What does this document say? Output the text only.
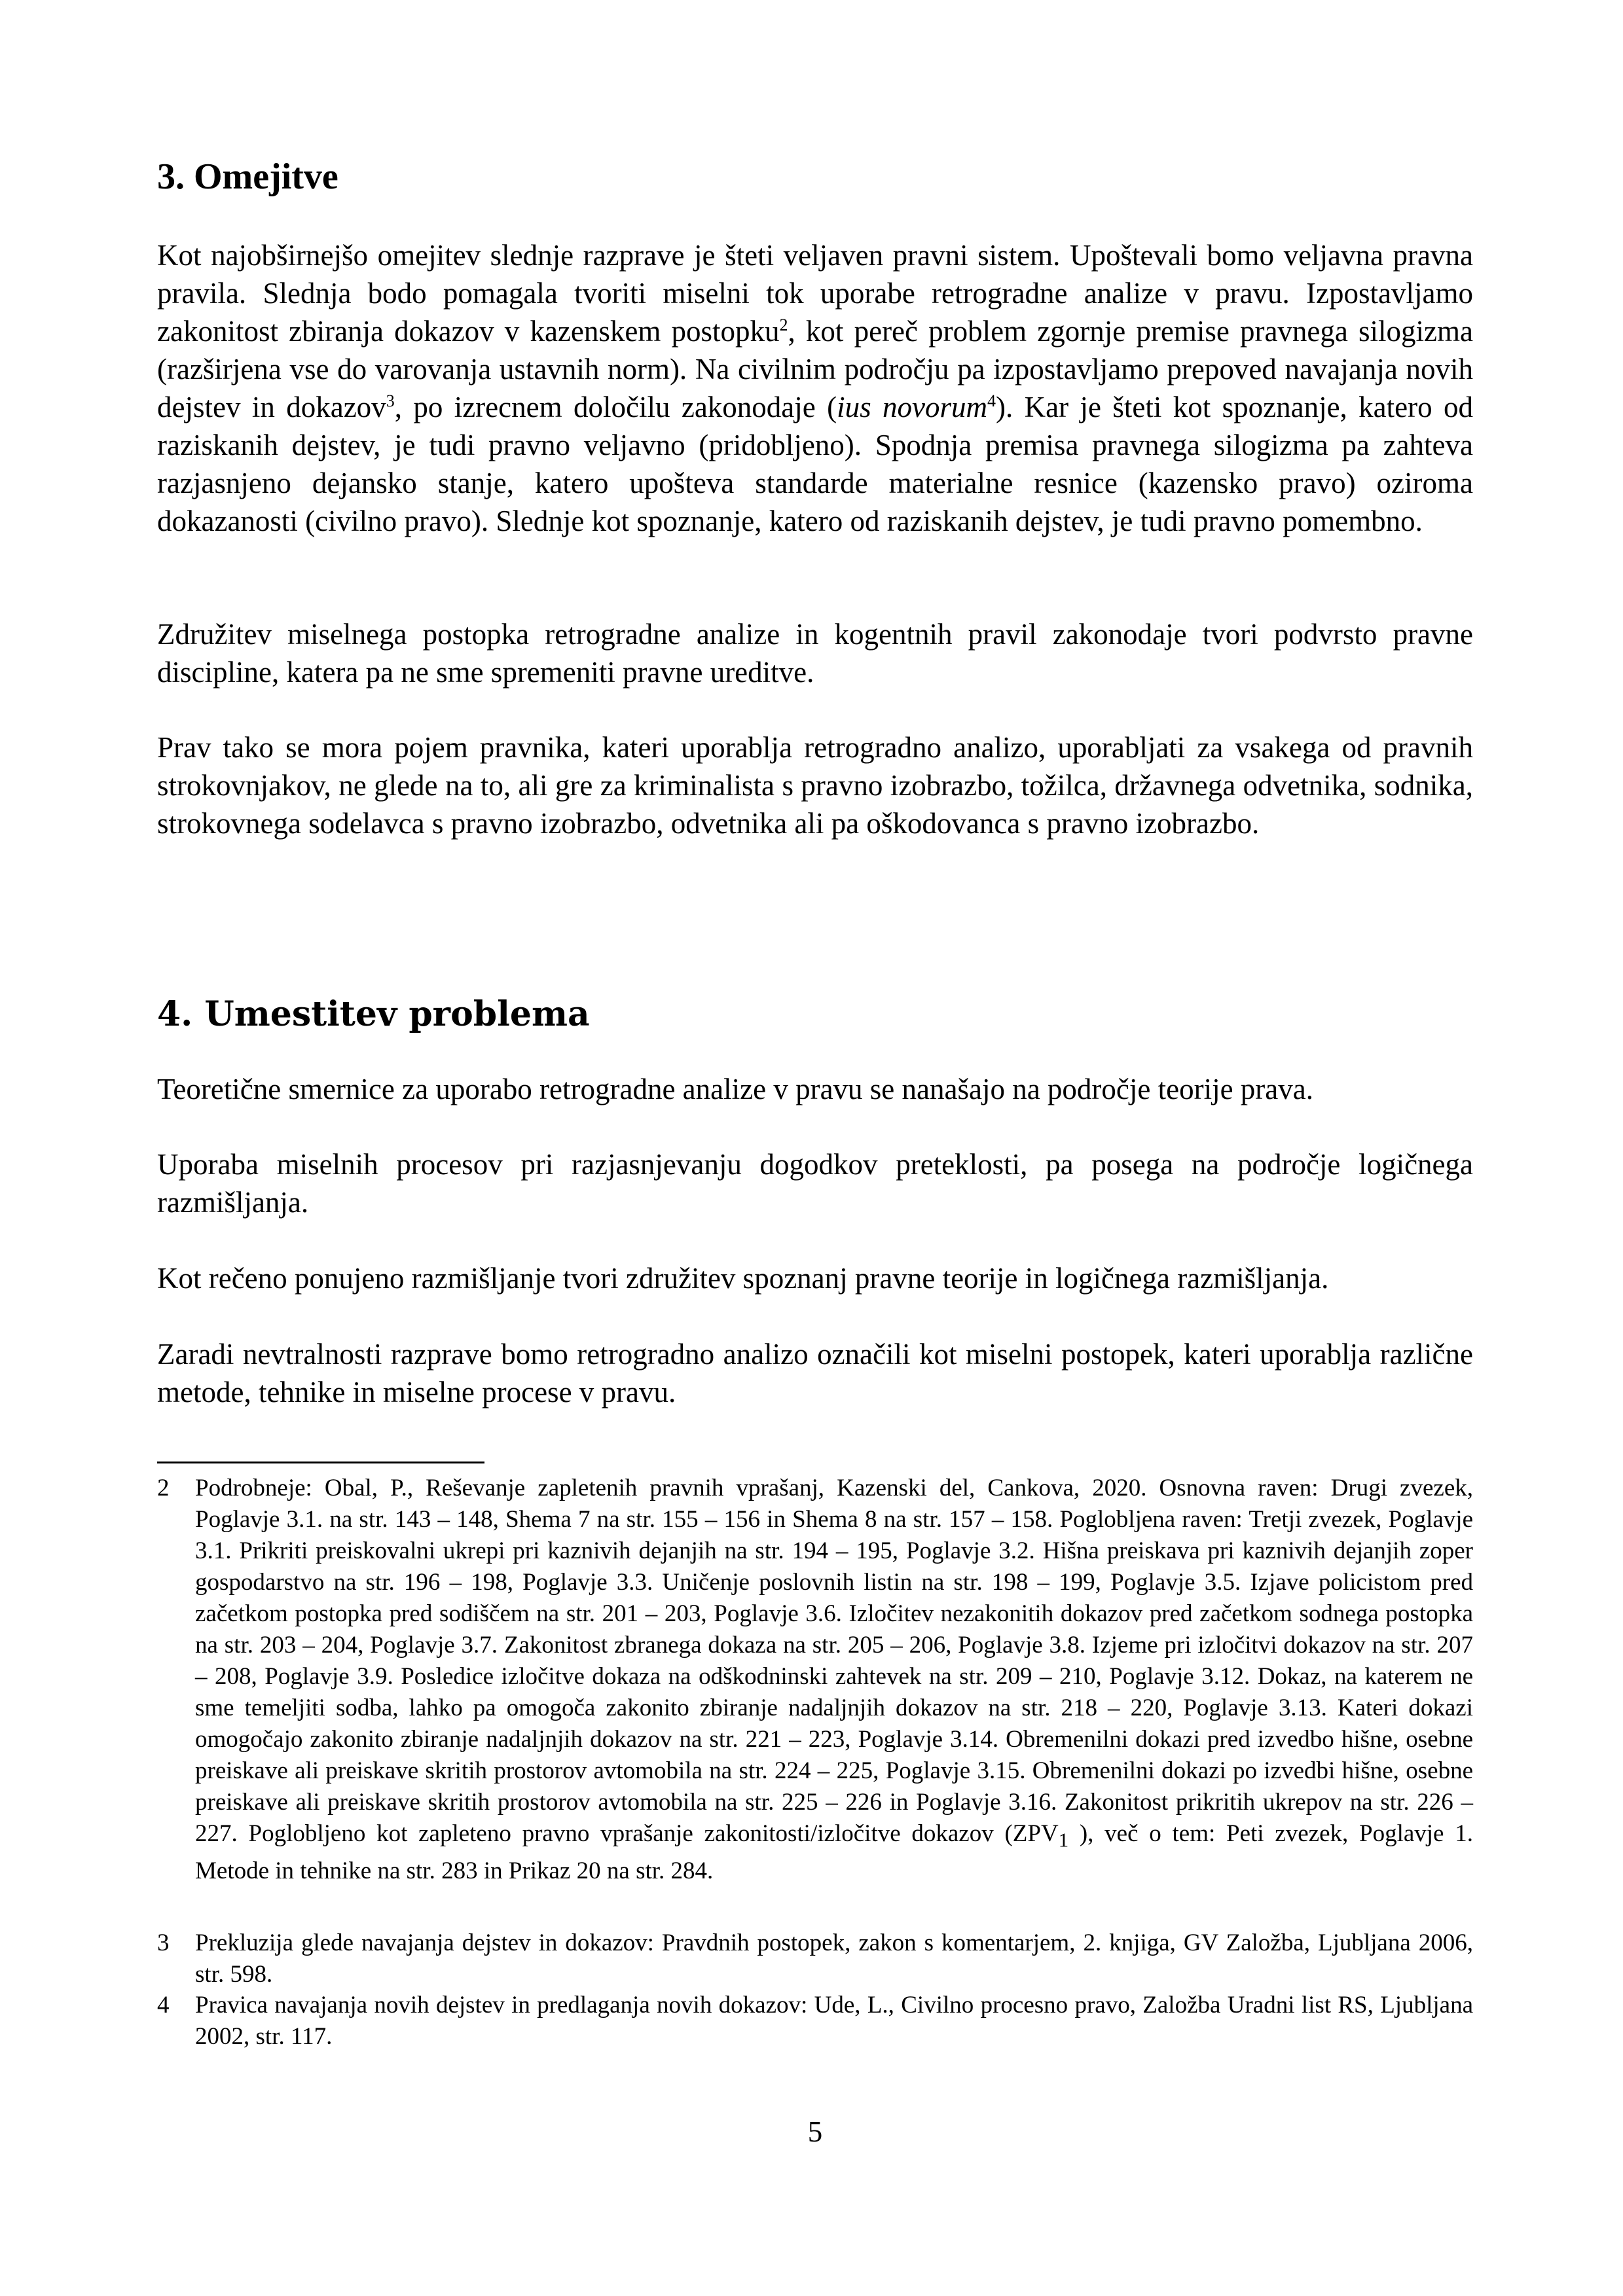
3. Omejitve

Kot najobširnejšo omejitev slednje razprave je šteti veljaven pravni sistem. Upoštevali bomo veljavna pravna pravila. Slednja bodo pomagala tvoriti miselni tok uporabe retrogradne analize v pravu. Izpostavljamo zakonitost zbiranja dokazov v kazenskem postopku$^2$, kot pereč problem zgornje premise pravnega silogizma (razširjena vse do varovanja ustavnih norm). Na civilnim področju pa izpostavljamo prepoved navajanja novih dejstev in dokazov$^3$, po izrecnem določilu zakonodaje (ius novorum$^4$). Kar je šteti kot spoznanje, katero od raziskanih dejstev, je tudi pravno veljavno (pridobljeno). Spodnja premisa pravnega silogizma pa zahteva razjasnjeno dejansko stanje, katero upošteva standarde materialne resnice (kazensko pravo) oziroma dokazanosti (civilno pravo). Slednje kot spoznanje, katero od raziskanih dejstev, je tudi pravno pomembno.

Združitev miselnega postopka retrogradne analize in kogentnih pravil zakonodaje tvori podvrsto pravne discipline, katera pa ne sme spremeniti pravne ureditve.

Prav tako se mora pojem pravnika, kateri uporablja retrogradno analizo, uporabljati za vsakega od pravnih strokovnjakov, ne glede na to, ali gre za kriminalista s pravno izobrazbo, tožilca, državnega odvetnika, sodnika, strokovnega sodelavca s pravno izobrazbo, odvetnika ali pa oškodovanca s pravno izobrazbo.

4. Umestitev problema

Teoretične smernice za uporabo retrogradne analize v pravu se nanašajo na področje teorije prava.

Uporaba miselnih procesov pri razjasnjevanju dogodkov preteklosti, pa posega na področje logičnega razmišljanja.

Kot rečeno ponujeno razmišljanje tvori združitev spoznanj pravne teorije in logičnega razmišljanja.

Zaradi nevtralnosti razprave bomo retrogradno analizo označili kot miselni postopek, kateri uporablja različne metode, tehnike in miselne procese v pravu.

2	Podrobneje: Obal, P., Reševanje zapletenih pravnih vprašanj, Kazenski del, Cankova, 2020. Osnovna raven: Drugi zvezek, Poglavje 3.1. na str. 143 – 148, Shema 7 na str. 155 – 156 in Shema 8 na str. 157 – 158. Poglobljena raven: Tretji zvezek, Poglavje 3.1. Prikriti preiskovalni ukrepi pri kaznivih dejanjih na str. 194 – 195, Poglavje 3.2. Hišna preiskava pri kaznivih dejanjih zoper gospodarstvo na str. 196 – 198, Poglavje 3.3. Uničenje poslovnih listin na str. 198 – 199, Poglavje 3.5. Izjave policistom pred začetkom postopka pred sodiščem na str. 201 – 203, Poglavje 3.6. Izločitev nezakonitih dokazov pred začetkom sodnega postopka na str. 203 – 204, Poglavje 3.7. Zakonitost zbranega dokaza na str. 205 – 206, Poglavje 3.8. Izjeme pri izločitvi dokazov na str. 207 – 208, Poglavje 3.9. Posledice izločitve dokaza na odškodninski zahtevek na str. 209 – 210, Poglavje 3.12. Dokaz, na katerem ne sme temeljiti sodba, lahko pa omogoča zakonito zbiranje nadaljnjih dokazov na str. 218 – 220, Poglavje 3.13. Kateri dokazi omogočajo zakonito zbiranje nadaljnjih dokazov na str. 221 – 223, Poglavje 3.14. Obremenilni dokazi pred izvedbo hišne, osebne preiskave ali preiskave skritih prostorov avtomobila na str. 224 – 225, Poglavje 3.15. Obremenilni dokazi po izvedbi hišne, osebne preiskave ali preiskave skritih prostorov avtomobila na str. 225 – 226 in Poglavje 3.16. Zakonitost prikritih ukrepov na str. 226 – 227. Poglobljeno kot zapleteno pravno vprašanje zakonitosti/izločitve dokazov ($ZPV_1$ ), več o tem: Peti zvezek, Poglavje 1. Metode in tehnike na str. 283 in Prikaz 20 na str. 284.
3	Prekluzija glede navajanja dejstev in dokazov: Pravdnih postopek, zakon s komentarjem, 2. knjiga, GV Založba, Ljubljana 2006, str. 598.
4	Pravica navajanja novih dejstev in predlaganja novih dokazov: Ude, L., Civilno procesno pravo, Založba Uradni list RS, Ljubljana 2002, str. 117.

5
